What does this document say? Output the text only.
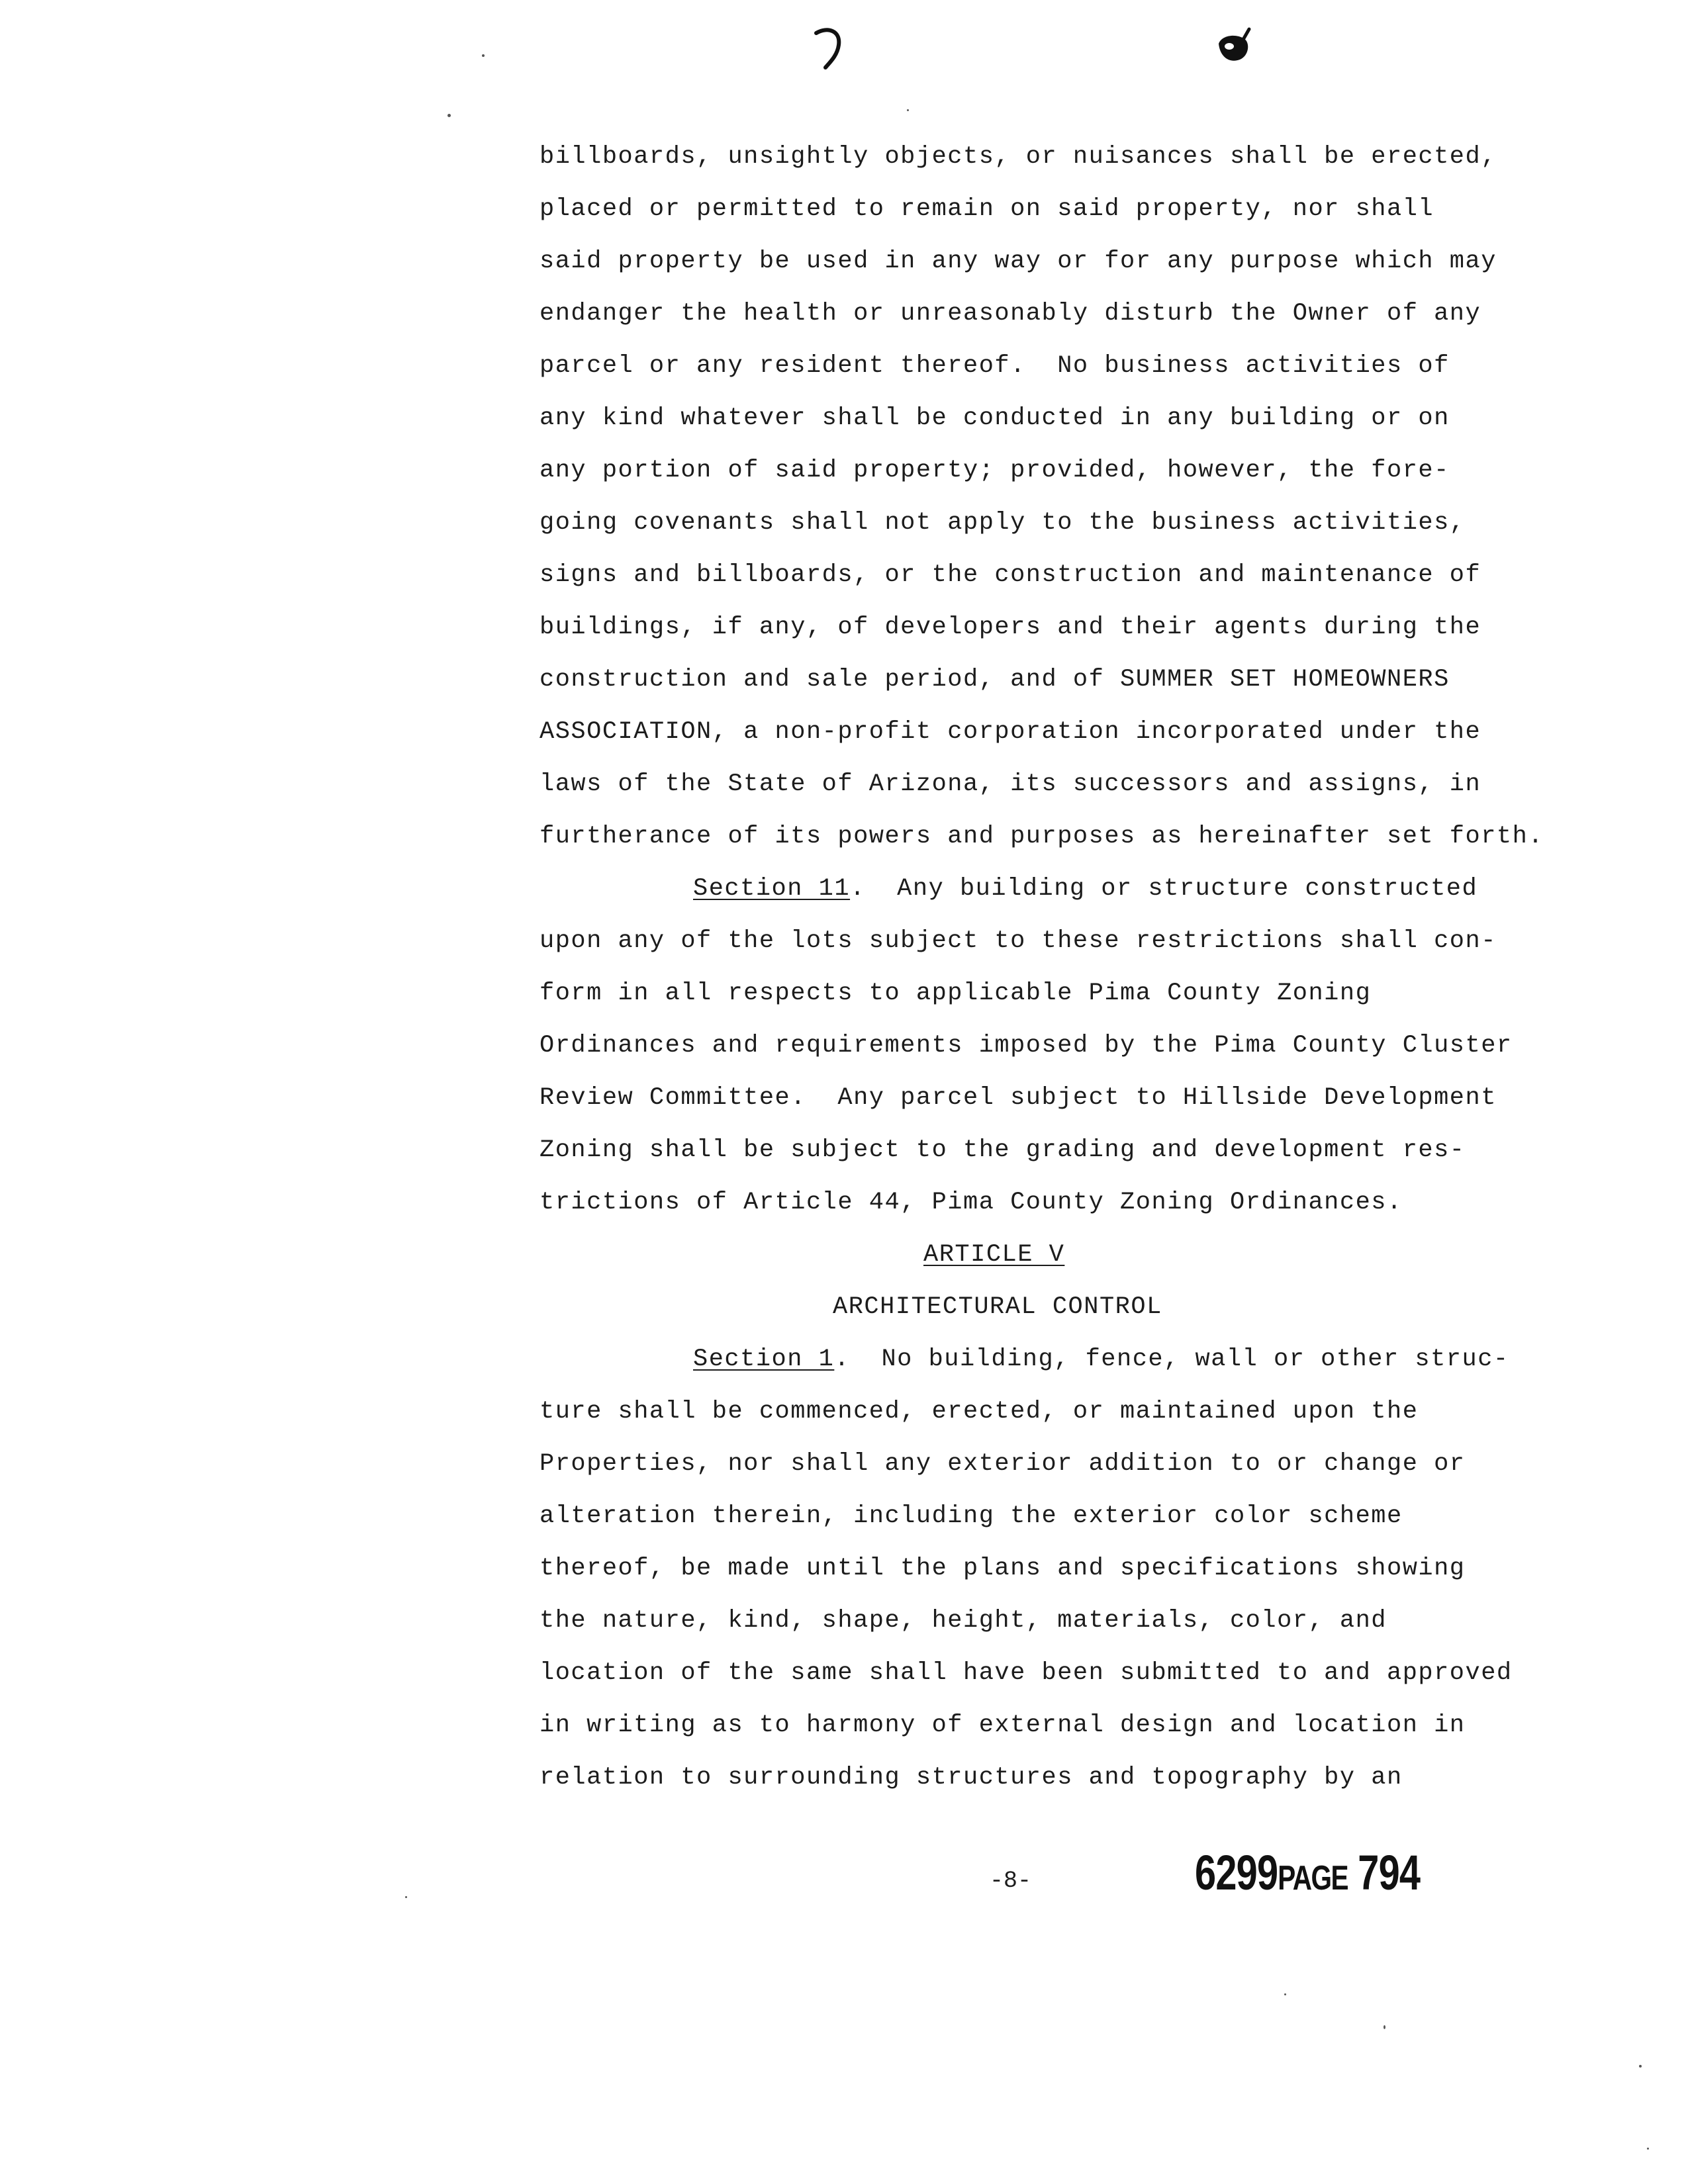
billboards, unsightly objects, or nuisances shall be erected,
placed or permitted to remain on said property, nor shall
said property be used in any way or for any purpose which may
endanger the health or unreasonably disturb the Owner of any
parcel or any resident thereof.  No business activities of
any kind whatever shall be conducted in any building or on
any portion of said property; provided, however, the fore-
going covenants shall not apply to the business activities,
signs and billboards, or the construction and maintenance of
buildings, if any, of developers and their agents during the
construction and sale period, and of SUMMER SET HOMEOWNERS
ASSOCIATION, a non-profit corporation incorporated under the
laws of the State of Arizona, its successors and assigns, in
furtherance of its powers and purposes as hereinafter set forth.
Section 11.  Any building or structure constructed
upon any of the lots subject to these restrictions shall con-
form in all respects to applicable Pima County Zoning
Ordinances and requirements imposed by the Pima County Cluster
Review Committee.  Any parcel subject to Hillside Development
Zoning shall be subject to the grading and development res-
trictions of Article 44, Pima County Zoning Ordinances.
ARTICLE V
ARCHITECTURAL CONTROL
Section 1.  No building, fence, wall or other struc-
ture shall be commenced, erected, or maintained upon the
Properties, nor shall any exterior addition to or change or
alteration therein, including the exterior color scheme
thereof, be made until the plans and specifications showing
the nature, kind, shape, height, materials, color, and
location of the same shall have been submitted to and approved
in writing as to harmony of external design and location in
relation to surrounding structures and topography by an
-8-	6299PAGE 794
